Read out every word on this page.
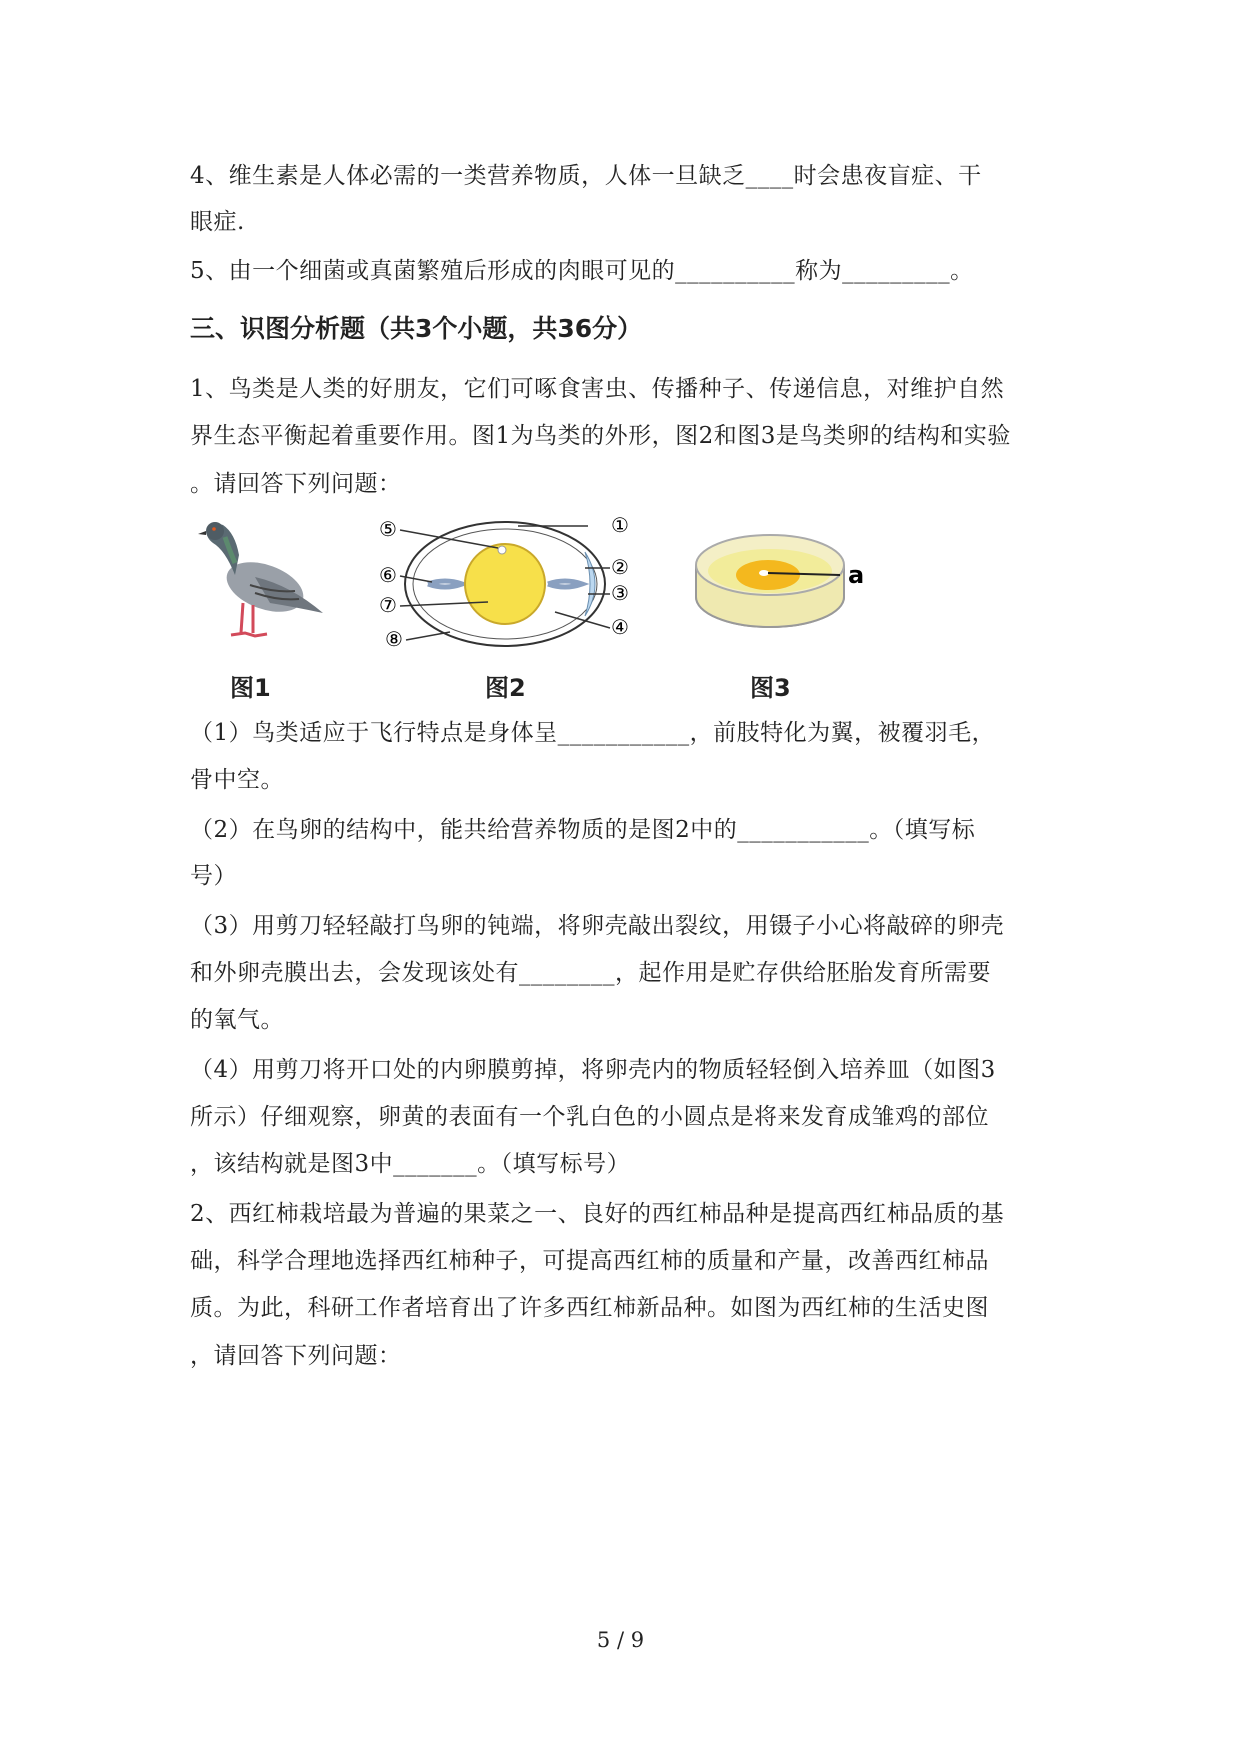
4、维生素是人体必需的一类营养物质，人体一旦缺乏____时会患夜盲症、干
眼症.
5、由一个细菌或真菌繁殖后形成的肉眼可见的__________称为_________。
三、识图分析题（共3个小题，共36分）
1、鸟类是人类的好朋友，它们可啄食害虫、传播种子、传递信息，对维护自然
界生态平衡起着重要作用。图1为鸟类的外形，图2和图3是鸟类卵的结构和实验
。请回答下列问题：
图1
①
②
③
④
⑤
⑥
⑦
⑧
图2
a
图3
（1）鸟类适应于飞行特点是身体呈___________，前肢特化为翼，被覆羽毛，
骨中空。
（2）在鸟卵的结构中，能共给营养物质的是图2中的___________。（填写标
号）
（3）用剪刀轻轻敲打鸟卵的钝端，将卵壳敲出裂纹，用镊子小心将敲碎的卵壳
和外卵壳膜出去，会发现该处有________，起作用是贮存供给胚胎发育所需要
的氧气。
（4）用剪刀将开口处的内卵膜剪掉，将卵壳内的物质轻轻倒入培养皿（如图3
所示）仔细观察，卵黄的表面有一个乳白色的小圆点是将来发育成雏鸡的部位
，该结构就是图3中_______。（填写标号）
2、西红柿栽培最为普遍的果菜之一、良好的西红柿品种是提高西红柿品质的基
础，科学合理地选择西红柿种子，可提高西红柿的质量和产量，改善西红柿品
质。为此，科研工作者培育出了许多西红柿新品种。如图为西红柿的生活史图
，请回答下列问题：
5 / 9
